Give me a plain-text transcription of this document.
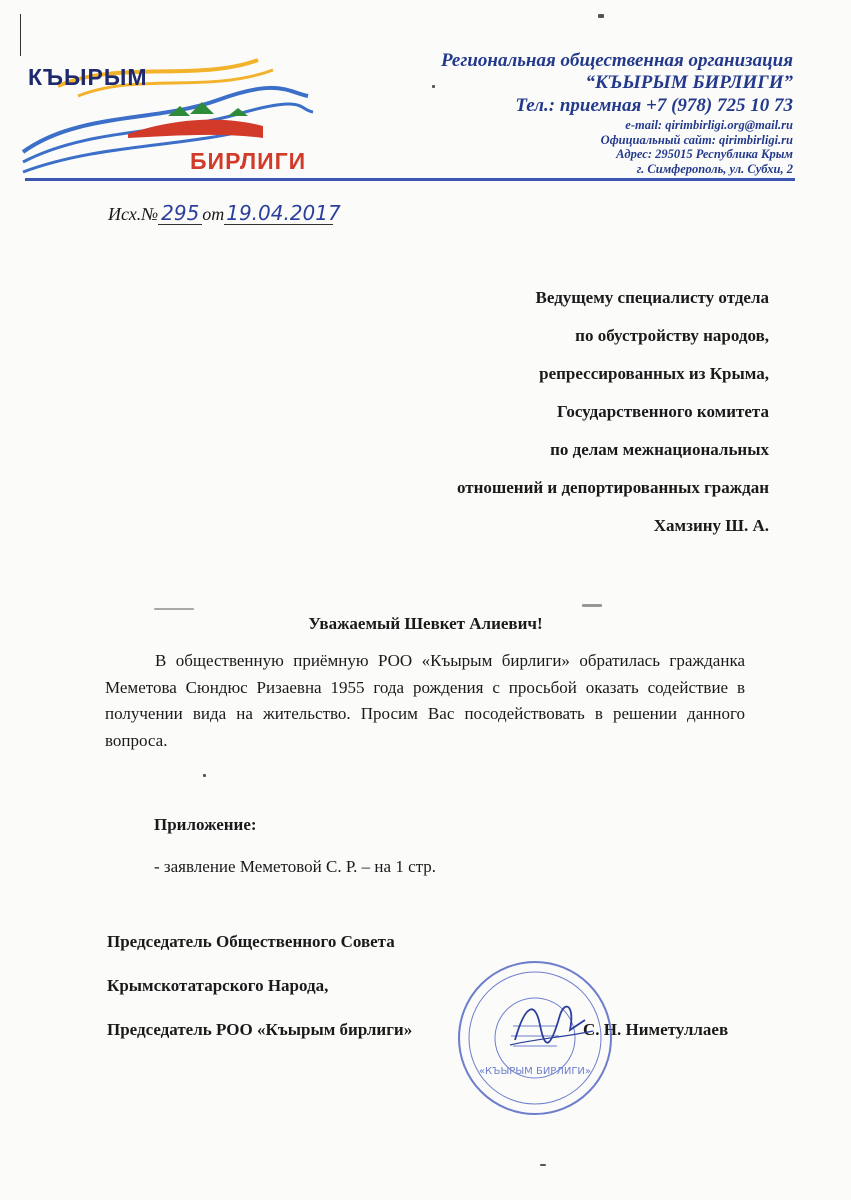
КЪЫРЫМ
БИРЛИГИ
Региональная общественная организация
“КЪЫРЫМ БИРЛИГИ”
Тел.: приемная +7 (978) 725 10 73
e-mail: qirimbirligi.org@mail.ru
Официальный сайт: qirimbirligi.ru
Адрес: 295015 Республика Крым
г. Симферополь, ул. Субхи, 2
Исх.№ 295 от 19.04.2017
Ведущему специалисту отдела
по обустройству народов,
репрессированных из Крыма,
Государственного комитета
по делам межнациональных
отношений и депортированных граждан
Хамзину Ш. А.
Уважаемый Шевкет Алиевич!
В общественную приёмную РОО «Къырым бирлиги» обратилась гражданка Меметова Сюндюс Ризаевна 1955 года рождения с просьбой оказать содействие в получении вида на жительство. Просим Вас посодействовать в решении данного вопроса.
Приложение:
- заявление Меметовой С. Р. – на 1 стр.
Председатель Общественного Совета
Крымскотатарского Народа,
Председатель РОО «Къырым бирлиги»	С. Н. Ниметуллаев
«КЪЫРЫМ БИРЛИГИ»
